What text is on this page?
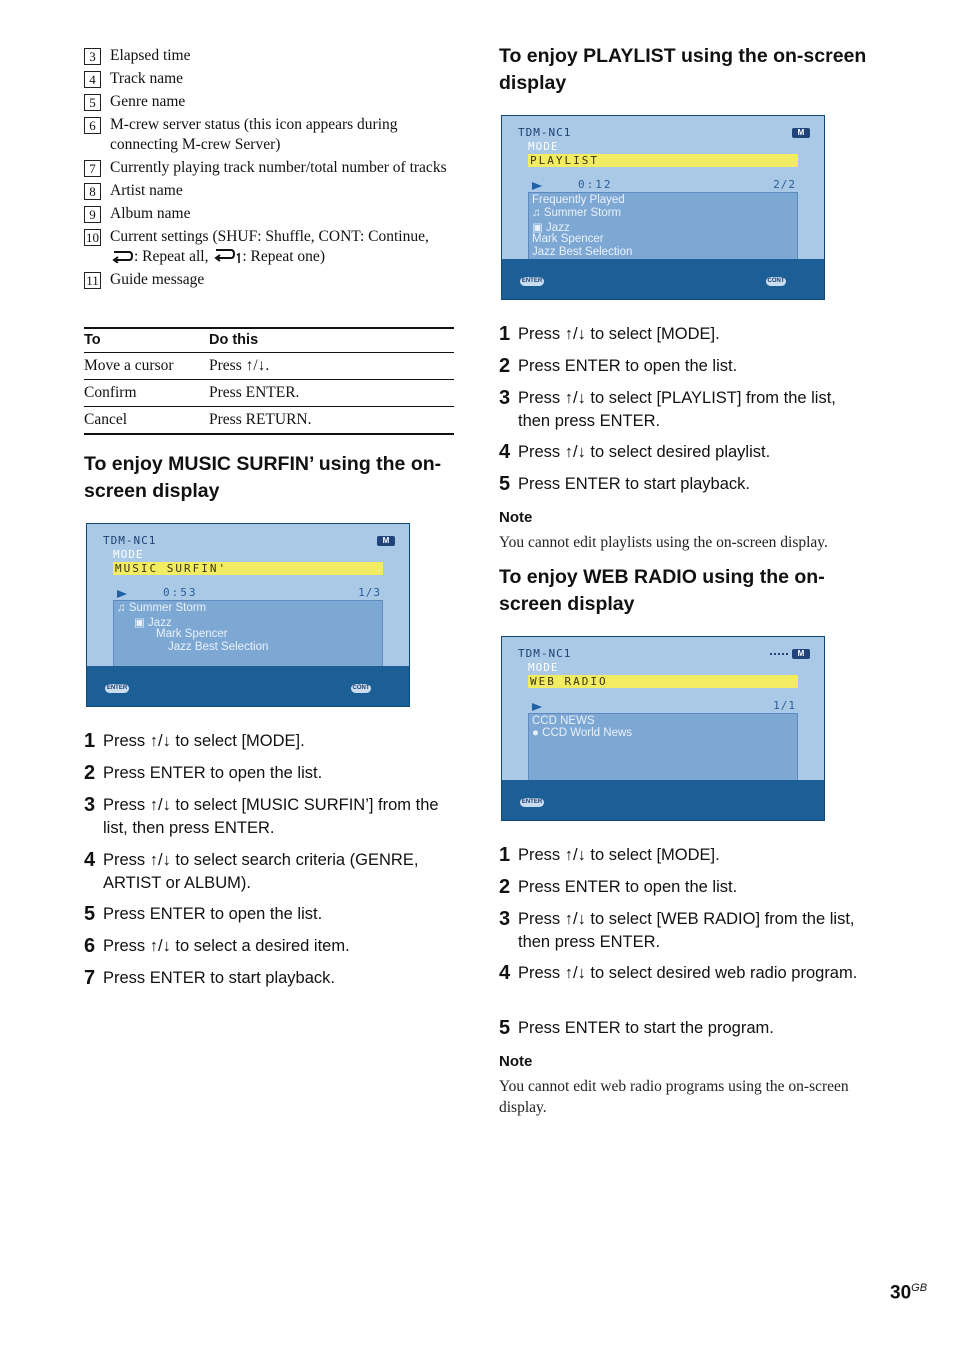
3 Elapsed time
4 Track name
5 Genre name
6 M-crew server status (this icon appears during connecting M-crew Server)
7 Currently playing track number/total number of tracks
8 Artist name
9 Album name
10 Current settings (SHUF: Shuffle, CONT: Continue, : Repeat all, : Repeat one)
11 Guide message
To	Do this
Move a cursor	Press ↑/↓.
Confirm	Press ENTER.
Cancel	Press RETURN.
To enjoy MUSIC SURFIN’ using the on-screen display
TDM-NC1	M
MODE
MUSIC SURFIN'
0:53	1/3
♫ Summer Storm
▣ Jazz
Mark Spencer
Jazz Best Selection
ENTER	CONT
1 Press ↑/↓ to select [MODE].
2 Press ENTER to open the list.
3 Press ↑/↓ to select [MUSIC SURFIN’] from the list, then press ENTER.
4 Press ↑/↓ to select search criteria (GENRE, ARTIST or ALBUM).
5 Press ENTER to open the list.
6 Press ↑/↓ to select a desired item.
7 Press ENTER to start playback.
To enjoy PLAYLIST using the on-screen display
TDM-NC1	M
MODE
PLAYLIST
0:12	2/2
Frequently Played
♫ Summer Storm
▣ Jazz
Mark Spencer
Jazz Best Selection
ENTER	CONT
1 Press ↑/↓ to select [MODE].
2 Press ENTER to open the list.
3 Press ↑/↓ to select [PLAYLIST] from the list, then press ENTER.
4 Press ↑/↓ to select desired playlist.
5 Press ENTER to start playback.
Note
You cannot edit playlists using the on-screen display.
To enjoy WEB RADIO using the on-screen display
TDM-NC1	M
MODE
WEB RADIO
1/1
CCD NEWS
● CCD World News
ENTER
1 Press ↑/↓ to select [MODE].
2 Press ENTER to open the list.
3 Press ↑/↓ to select [WEB RADIO] from the list, then press ENTER.
4 Press ↑/↓ to select desired web radio program.
5 Press ENTER to start the program.
Note
You cannot edit web radio programs using the on-screen display.
$30^{GB}$
